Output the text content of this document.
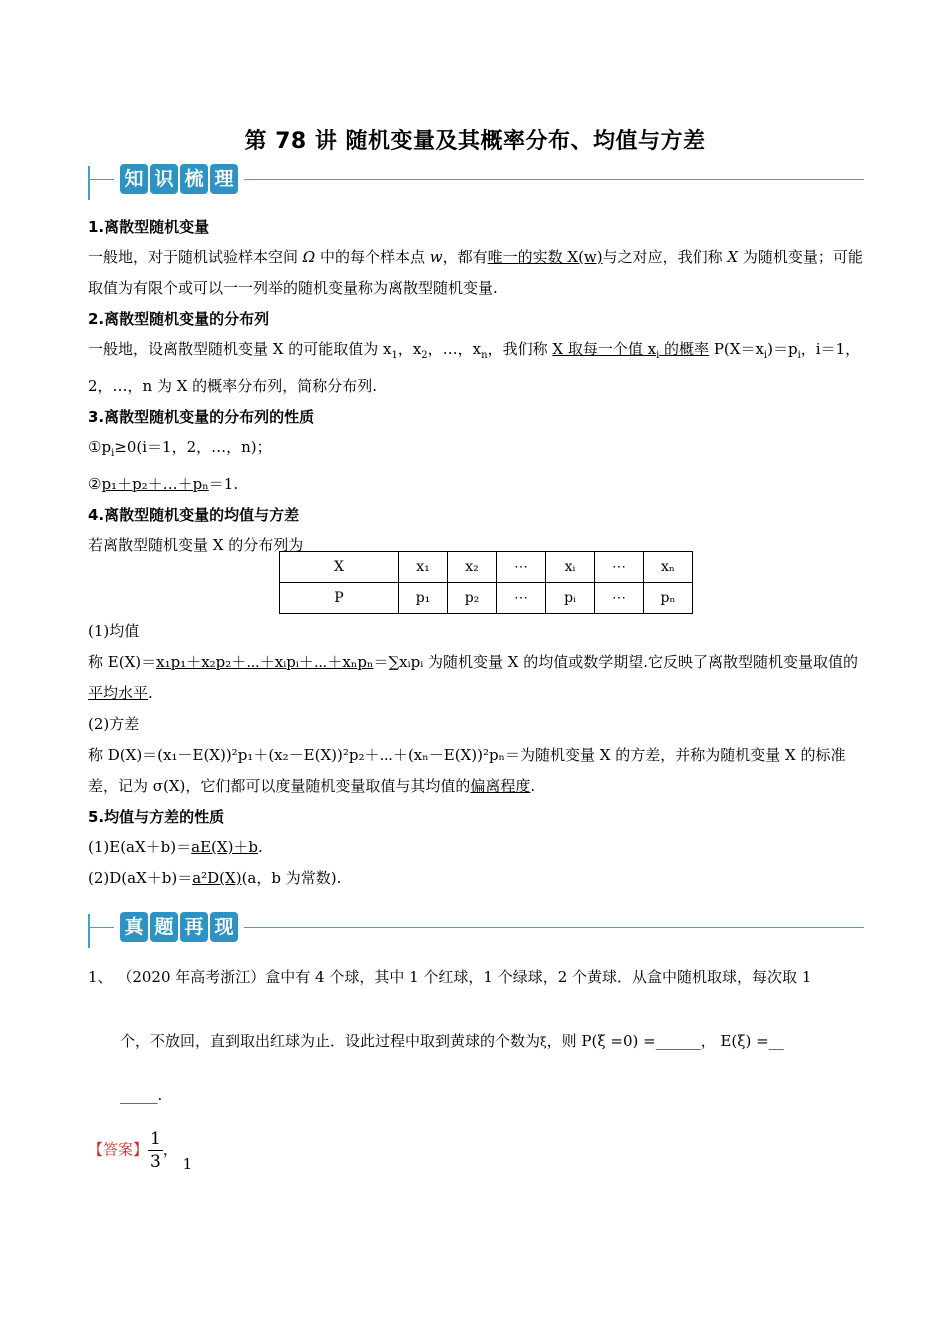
第 78 讲 随机变量及其概率分布、均值与方差
知 识 梳 理
1.离散型随机变量
一般地，对于随机试验样本空间 Ω 中的每个样本点 w，都有唯一的实数 X(w)与之对应，我们称 X 为随机变量；可能取值为有限个或可以一一列举的随机变量称为离散型随机变量.
2.离散型随机变量的分布列
一般地，设离散型随机变量 X 的可能取值为 $x_1$，$x_2$，…，$x_n$，我们称 X 取每一个值 $x_i$ 的概率 $P(X=x_i)=p_i$，i＝1，2，…，n 为 X 的概率分布列，简称分布列.
3.离散型随机变量的分布列的性质
$①p_i\ge 0(i=1$，2，…，n)；
②p₁＋p₂＋…＋pₙ＝1.
4.离散型随机变量的均值与方差
若离散型随机变量 X 的分布列为
X	x₁	x₂	⋯	xᵢ	⋯	xₙ
P	p₁	p₂	⋯	pᵢ	⋯	pₙ
(1)均值
称 E(X)＝x₁p₁＋x₂p₂＋⋯＋xᵢpᵢ＋⋯＋xₙpₙ＝∑xᵢpᵢ 为随机变量 X 的均值或数学期望.它反映了离散型随机变量取值的平均水平.
(2)方差
称 D(X)＝(x₁－E(X))²p₁＋(x₂－E(X))²p₂＋⋯＋(xₙ－E(X))²pₙ＝为随机变量 X 的方差，并称为随机变量 X 的标准差，记为 σ(X)，它们都可以度量随机变量取值与其均值的偏离程度.
5.均值与方差的性质
(1)E(aX＋b)＝aE(X)＋b.
(2)D(aX＋b)＝a²D(X)(a，b 为常数).
真 题 再 现
1、 （2020 年高考浙江）盒中有 4 个球，其中 1 个红球，1 个绿球，2 个黄球．从盒中随机取球，每次取 1
个，不放回，直到取出红球为止．设此过程中取到黄球的个数为ξ，则 P(ξ =0) =______， E(ξ) =__
_____.
【答案】 $\frac{1}{3}$ ， 1
